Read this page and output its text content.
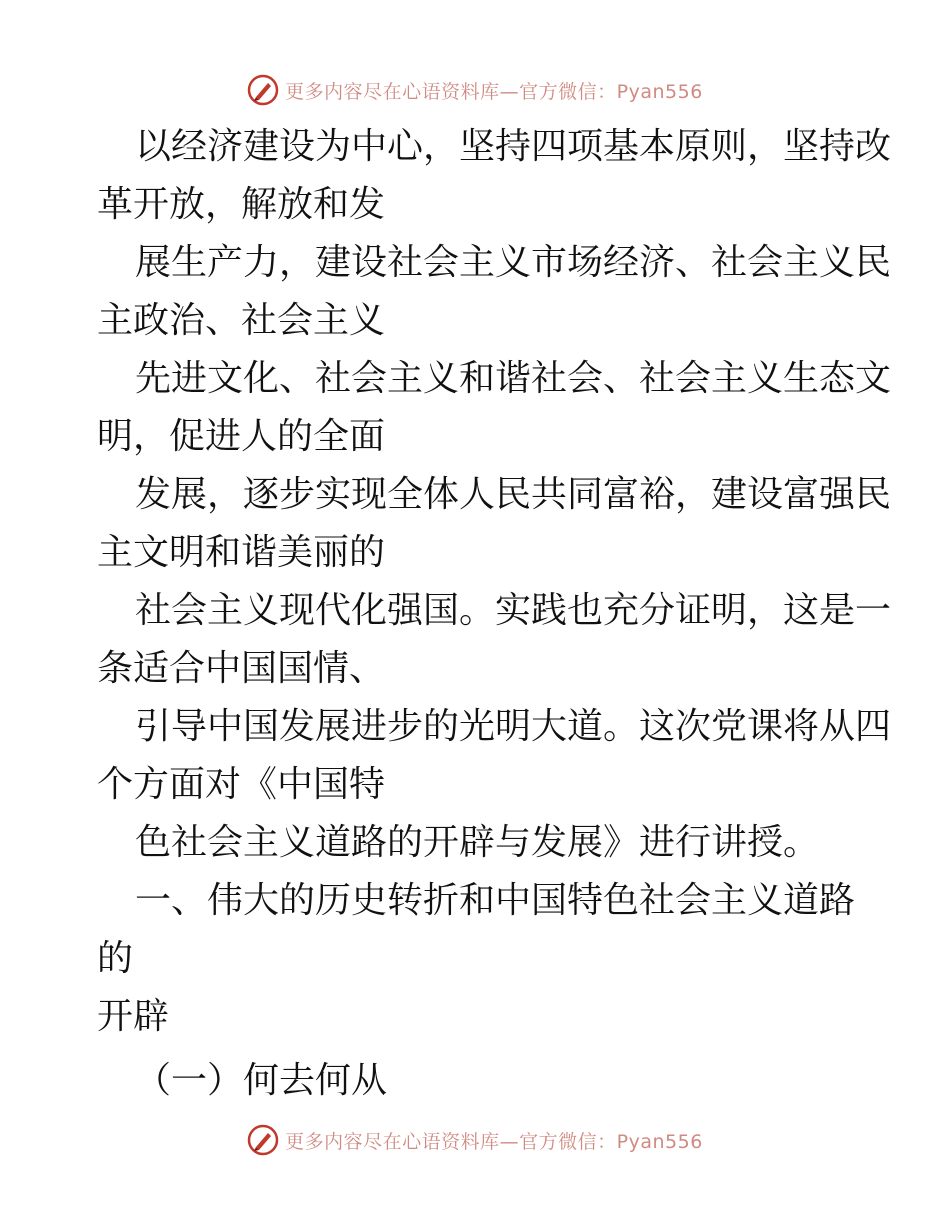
更多内容尽在心语资料库—官方微信：Pyan556

以经济建设为中心，坚持四项基本原则，坚持改
革开放，解放和发

展生产力，建设社会主义市场经济、社会主义民
主政治、社会主义

先进文化、社会主义和谐社会、社会主义生态文
明，促进人的全面

发展，逐步实现全体人民共同富裕，建设富强民
主文明和谐美丽的

社会主义现代化强国。实践也充分证明，这是一
条适合中国国情、

引导中国发展进步的光明大道。这次党课将从四
个方面对《中国特

色社会主义道路的开辟与发展》进行讲授。

一、伟大的历史转折和中国特色社会主义道路的
开辟

（一）何去何从

更多内容尽在心语资料库—官方微信：Pyan556
